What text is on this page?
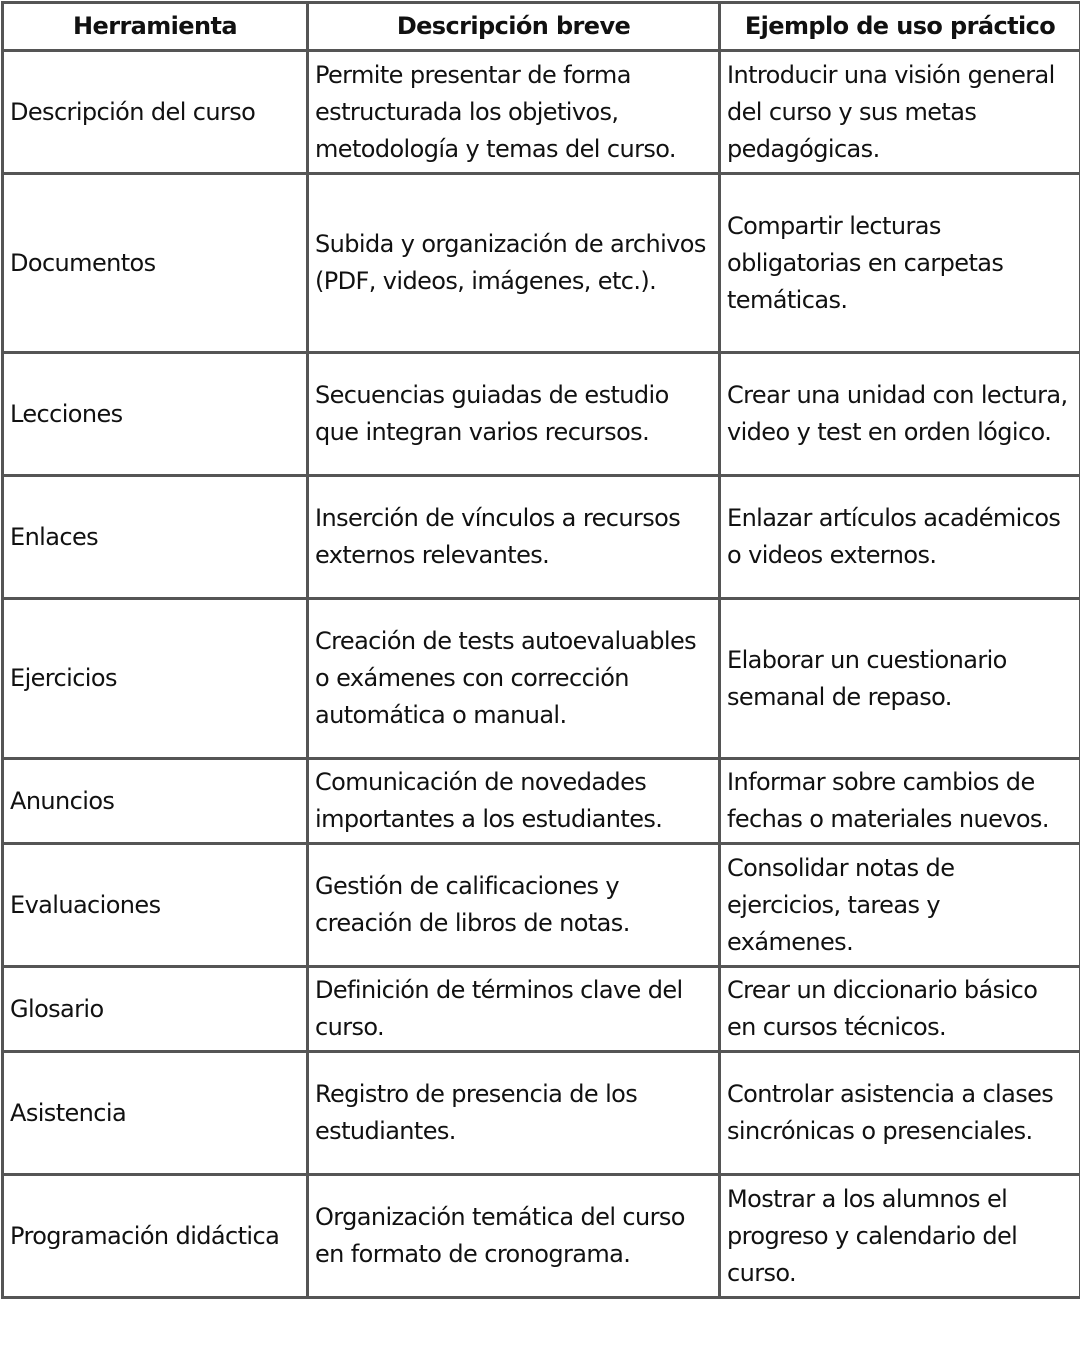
Herramienta	Descripción breve	Ejemplo de uso práctico
Descripción del curso	Permite presentar de forma estructurada los objetivos, metodología y temas del curso.	Introducir una visión general del curso y sus metas pedagógicas.
Documentos	Subida y organización de archivos (PDF, videos, imágenes, etc.).	Compartir lecturas obligatorias en carpetas temáticas.
Lecciones	Secuencias guiadas de estudio que integran varios recursos.	Crear una unidad con lectura, video y test en orden lógico.
Enlaces	Inserción de vínculos a recursos externos relevantes.	Enlazar artículos académicos o videos externos.
Ejercicios	Creación de tests autoevaluables o exámenes con corrección automática o manual.	Elaborar un cuestionario semanal de repaso.
Anuncios	Comunicación de novedades importantes a los estudiantes.	Informar sobre cambios de fechas o materiales nuevos.
Evaluaciones	Gestión de calificaciones y creación de libros de notas.	Consolidar notas de ejercicios, tareas y exámenes.
Glosario	Definición de términos clave del curso.	Crear un diccionario básico en cursos técnicos.
Asistencia	Registro de presencia de los estudiantes.	Controlar asistencia a clases sincrónicas o presenciales.
Programación didáctica	Organización temática del curso en formato de cronograma.	Mostrar a los alumnos el progreso y calendario del curso.
